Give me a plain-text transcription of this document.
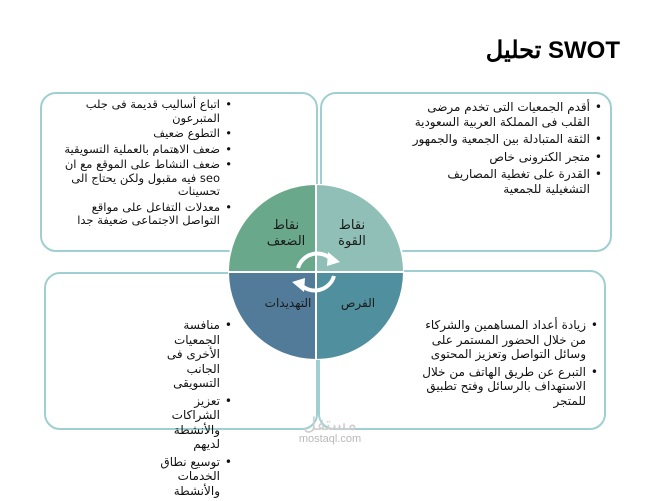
تحليل SWOT
• أقدم الجمعيات التى تخدم مرضى القلب فى المملكة العربية السعودية
• الثقة المتبادلة بين الجمعية والجمهور
• متجر الكترونى خاص
• القدرة على تغطية المصاريف التشغيلية للجمعية
• اتباع أساليب قديمة فى جلب المتبرعون
• التطوع ضعيف
• ضعف الاهتمام بالعملية التسويقية
• ضعف النشاط على الموقع مع ان seo فيه مقبول ولكن يحتاج الى تحسينات
• معدلات التفاعل على مواقع التواصل الاجتماعى ضعيفة جدا
• زيادة أعداد المساهمين والشركاء من خلال الحضور المستمر على وسائل التواصل وتعزيز المحتوى
• التبرع عن طريق الهاتف من خلال الاستهداف بالرسائل وفتح تطبيق للمتجر
• منافسة الجمعيات الأخرى فى الجانب التسويقى
• تعزيز الشراكات والأنشطة لديهم
• توسيع نطاق الخدمات والأنشطة
نقاط الضعف
نقاط القوة
التهديدات	الفرص
مستقل
mostaql.com
